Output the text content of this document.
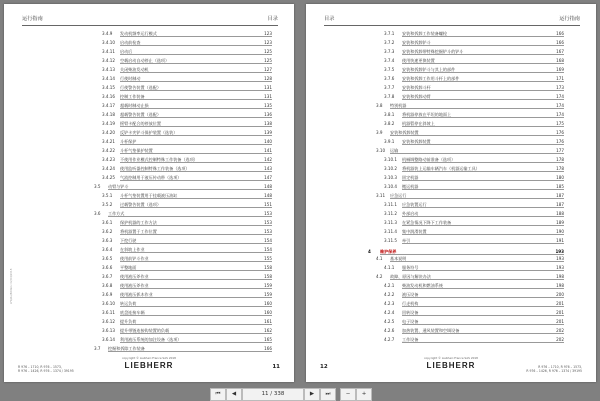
运行指南	目录
3.4.9 发动机频率运行模式	123
3.4.10 启动前检查	123
3.4.11 启动后	125
3.4.12 空载启动自动停止（选项）	125
3.4.13 关闭柴油发动机	127
3.4.14 行使时制动	128
3.4.15 行使警告装置（选配）	131
3.4.16 控制工作装备	131
3.4.17 超载时制动止损	135
3.4.18 超载警告装置（选配）	136
3.4.19 摇臂卡配合的停放位置	138
3.4.20 反铲卡夹铲斗保护装置（选装）	139
3.4.21 斗杆保护	140
3.4.22 斗杆气垫保护装置	141
3.4.23 不使用作业模式控制特殊工作装备（选项）	142
3.4.24 使用监听器控制特殊工作装备（选项）	143
3.4.25 气流控制用于液压传动带（选项）	147
3.5 动臂与铲斗	148
3.5.1 斗杆气垫装置用于挂载液压油缸	148
3.5.2 过载警告装置（选项）	151
3.6 工作方式	153
3.6.1 保护机器的工作方法	153
3.6.2 将机器置于工作位置	153
3.6.3 下挖行驶	154
3.6.4 在斜坡上作业	154
3.6.5 使用前铲斗作业	155
3.6.6 平整地面	158
3.6.7 使用液压斧作业	158
3.6.8 使用液压斧作业	159
3.6.9 使用液压抓木作业	159
3.6.10 转运负荷	160
3.6.11 底盘连接车辆	160
3.6.12 提升负荷	161
3.6.13 提升带链连接钩装置的负载	162
3.6.14 利用液压系统的加注设备（选项）	165
3.7 挖掘和拆除工作装备	166
LFR/de/Edition: 02/04/2018
copyright © Liebherr-France SAS 2018
R 976 – 1710, R 976 – 1573,
R 976 – 1426, R 976 – 1374 / 39195
LIEBHERR	11
目录	运行指南
3.7.1 安装和拆卸工作装备螺栓	166
3.7.2 安装和拆卸铲斗	166
3.7.3 安装和拆卸带特殊挖掘铲斗的铲斗	167
3.7.4 使用快速更换装置	168
3.7.5 安装和拆卸铲斗与其上的部件	169
3.7.6 安装和拆卸工作用斗杆上的部件	171
3.7.7 安装和拆卸斗杆	173
3.7.8 安装和拆卸动臂	174
3.8 特别机器	174
3.8.1 将机器停放在平坦的地面上	174
3.8.2 机器暂停在斜坡上	175
3.9 安装和拆卸装置	176
3.9.1 安装和拆卸装置	176
3.10 运输	177
3.10.1 机械调整路动前准备（选项）	178
3.10.2 将机器装上运输车辆汽车（机器运输工具）	178
3.10.3 固定机器	180
3.10.4 搬运机器	185
3.11 应急运行	187
3.11.1 应急装置运行	187
3.11.2 外部启动	188
3.11.3 在紧急情况下降下工作装备	189
3.11.4 集中润滑装置	190
3.11.5 牵引	191
4 维护保养	193
4.1 基本说明	193
4.1.1 服务符号	193
4.2 故障、原因与解决办法	198
4.2.1 柴油发动机和燃油系统	198
4.2.2 液压设备	200
4.2.3 行走机构	201
4.2.4 回转设备	201
4.2.5 电子设备	201
4.2.6 加热装置、通风装置和空调设备	202
4.2.7 工作设备	202
copyright © Liebherr-France SAS 2018
12	LIEBHERR	R 976 – 1710, R 976 – 1573,
R 976 – 1426, R 976 – 1374 / 39195
⏮	◀	11 / 338	▶	⏭	−	+
